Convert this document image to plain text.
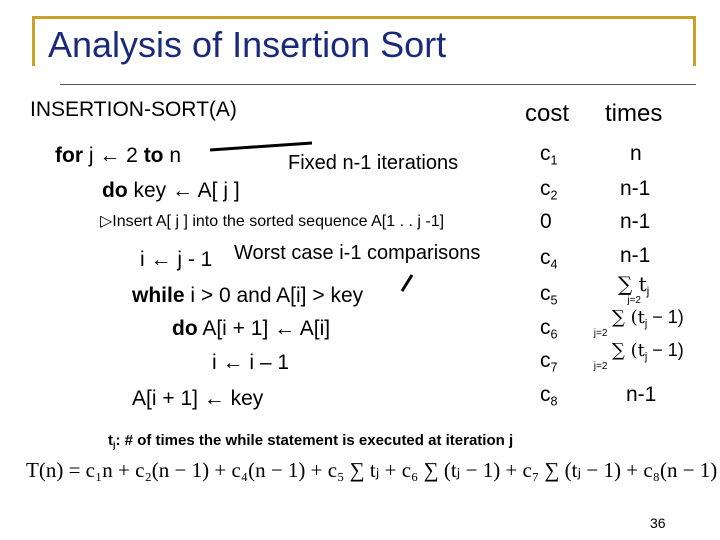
Analysis of Insertion Sort
INSERTION-SORT(A)	cost times
for j ← 2 to n	Fixed n-1 iterations
do key ← A[ j ]
▷Insert A[ j ] into the sorted sequence A[1 . . j -1]
i ← j - 1 Worst case i-1 comparisons
while i > 0 and A[i] > key
do A[i + 1] ← A[i]
i ← i – 1
A[i + 1] ← key
$c_1$
$c_2$
0
$c_4$
$c_5$
$c_6$
$c_7$
$c_8$
n
n-1
n-1
n-1
∑ $t_{jj=2}$
∑ $(t_j - 1)_{j=2}$
∑ $(t_j - 1)_{j=2}$
n-1
$t_j$: # of times the while statement is executed at iteration j
T(n) = c₁n + c₂(n − 1) + c₄(n − 1) + c₅ ∑ tⱼ + c₆ ∑ (tⱼ − 1) + c₇ ∑ (tⱼ − 1) + c₈(n − 1)
36
